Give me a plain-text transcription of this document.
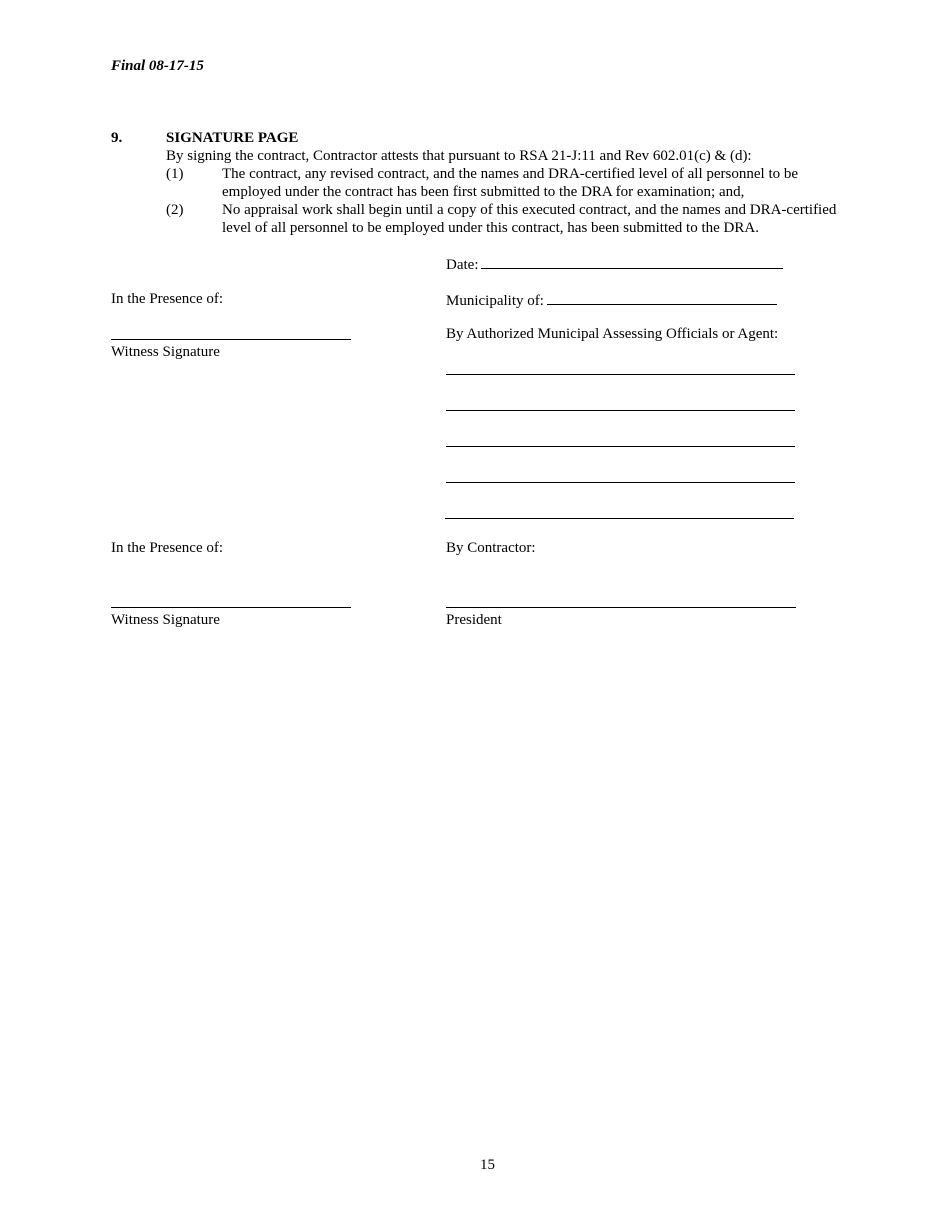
Final 08-17-15
9.	SIGNATURE PAGE
By signing the contract, Contractor attests that pursuant to RSA 21-J:11 and Rev 602.01(c) & (d):
(1)	The contract, any revised contract, and the names and DRA-certified level of all personnel to be
employed under the contract has been first submitted to the DRA for examination; and,
(2)	No appraisal work shall begin until a copy of this executed contract, and the names and DRA-certified
level of all personnel to be employed under this contract, has been submitted to the DRA.
Date:
In the Presence of:	Municipality of:
Witness Signature
By Authorized Municipal Assessing Officials or Agent:
In the Presence of:	By Contractor:
Witness Signature	President
15
